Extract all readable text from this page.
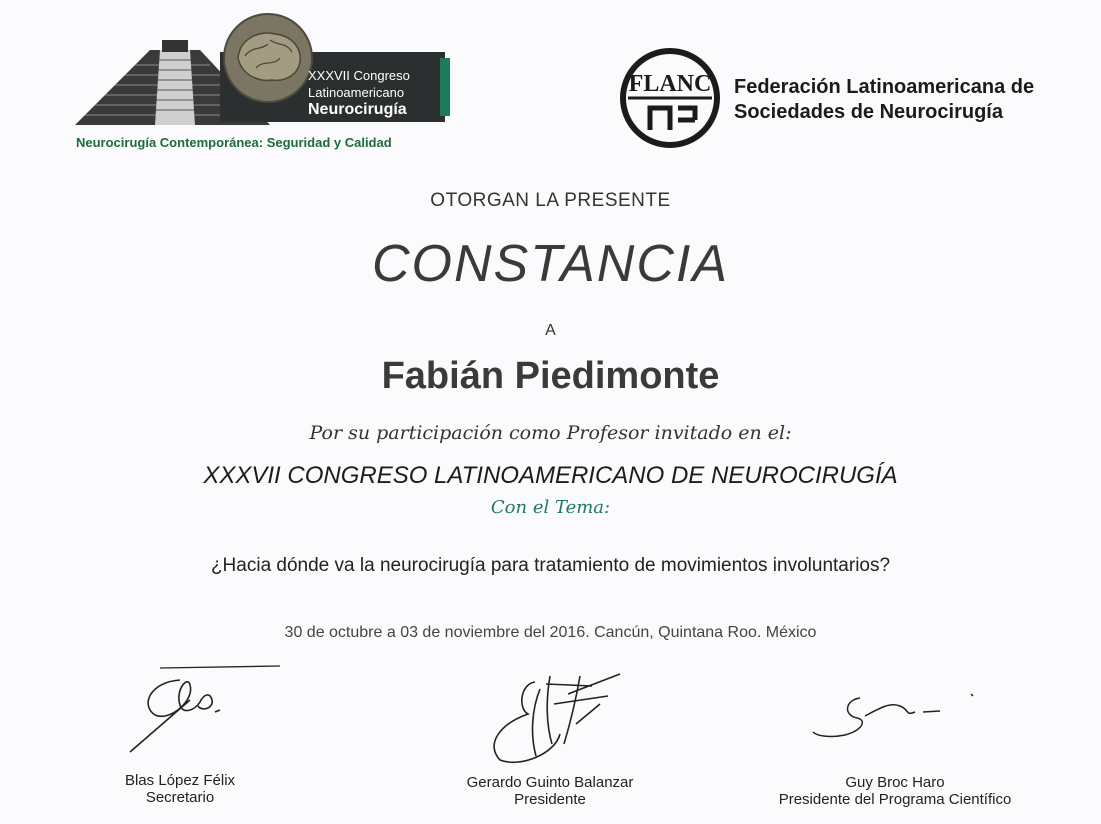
XXXVII Congreso
Latinoamericano
Neurocirugía
Neurocirugía Contemporánea: Seguridad y Calidad
FLANC Federación Latinoamericana de
Sociedades de Neurocirugía
OTORGAN LA PRESENTE
CONSTANCIA
A
Fabián Piedimonte
Por su participación como Profesor invitado en el:
XXXVII CONGRESO LATINOAMERICANO DE NEUROCIRUGÍA
Con el Tema:
¿Hacia dónde va la neurocirugía para tratamiento de movimientos involuntarios?
30 de octubre a 03 de noviembre del 2016. Cancún, Quintana Roo. México
Blas López Félix
Secretario
Gerardo Guinto Balanzar
Presidente
Guy Broc Haro
Presidente del Programa Científico
